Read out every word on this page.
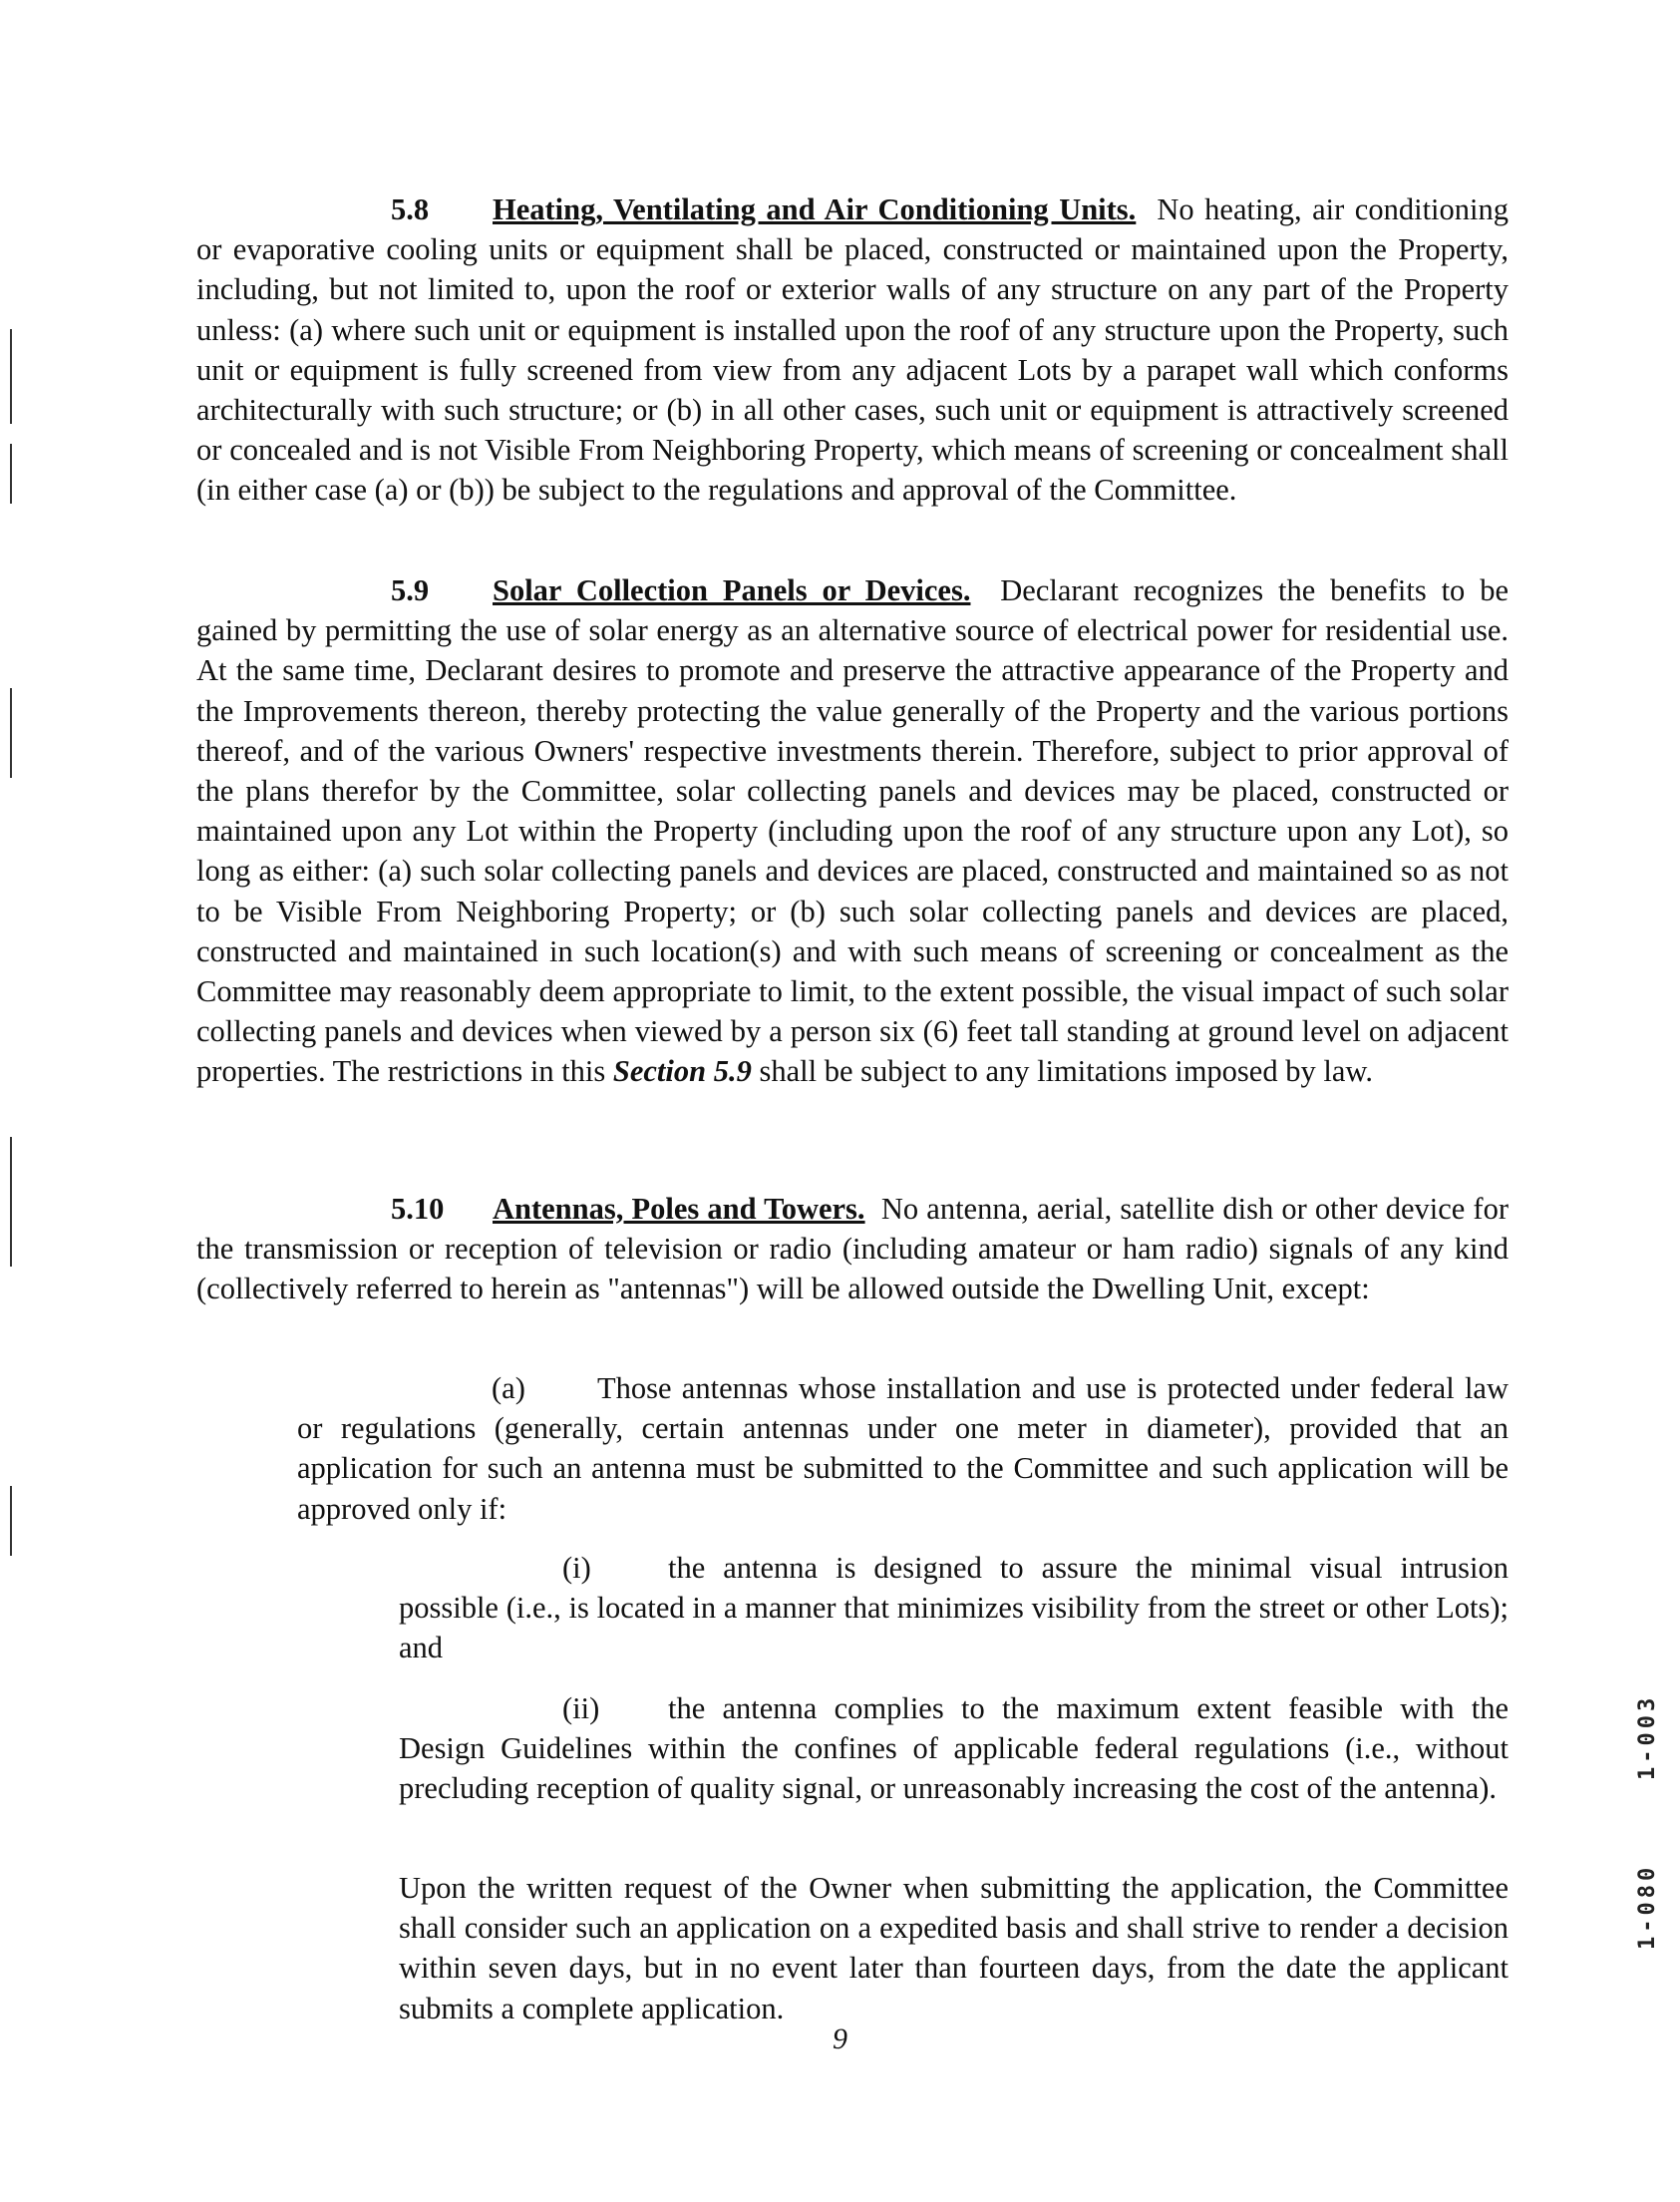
5.8 Heating, Ventilating and Air Conditioning Units. No heating, air conditioning or evaporative cooling units or equipment shall be placed, constructed or maintained upon the Property, including, but not limited to, upon the roof or exterior walls of any structure on any part of the Property unless: (a) where such unit or equipment is installed upon the roof of any structure upon the Property, such unit or equipment is fully screened from view from any adjacent Lots by a parapet wall which conforms architecturally with such structure; or (b) in all other cases, such unit or equipment is attractively screened or concealed and is not Visible From Neighboring Property, which means of screening or concealment shall (in either case (a) or (b)) be subject to the regulations and approval of the Committee.

5.9 Solar Collection Panels or Devices. Declarant recognizes the benefits to be gained by permitting the use of solar energy as an alternative source of electrical power for residential use. At the same time, Declarant desires to promote and preserve the attractive appearance of the Property and the Improvements thereon, thereby protecting the value generally of the Property and the various portions thereof, and of the various Owners' respective investments therein. Therefore, subject to prior approval of the plans therefor by the Committee, solar collecting panels and devices may be placed, constructed or maintained upon any Lot within the Property (including upon the roof of any structure upon any Lot), so long as either: (a) such solar collecting panels and devices are placed, constructed and maintained so as not to be Visible From Neighboring Property; or (b) such solar collecting panels and devices are placed, constructed and maintained in such location(s) and with such means of screening or concealment as the Committee may reasonably deem appropriate to limit, to the extent possible, the visual impact of such solar collecting panels and devices when viewed by a person six (6) feet tall standing at ground level on adjacent properties. The restrictions in this Section 5.9 shall be subject to any limitations imposed by law.

5.10 Antennas, Poles and Towers. No antenna, aerial, satellite dish or other device for the transmission or reception of television or radio (including amateur or ham radio) signals of any kind (collectively referred to herein as "antennas") will be allowed outside the Dwelling Unit, except:

(a) Those antennas whose installation and use is protected under federal law or regulations (generally, certain antennas under one meter in diameter), provided that an application for such an antenna must be submitted to the Committee and such application will be approved only if:

(i)	the antenna is designed to assure the minimal visual intrusion possible (i.e., is located in a manner that minimizes visibility from the street or other Lots); and

(ii) the antenna complies to the maximum extent feasible with the Design Guidelines within the confines of applicable federal regulations (i.e., without precluding reception of quality signal, or unreasonably increasing the cost of the antenna).

Upon the written request of the Owner when submitting the application, the Committee shall consider such an application on a expedited basis and shall strive to render a decision within seven days, but in no event later than fourteen days, from the date the applicant submits a complete application.

9
1-003
1-080
